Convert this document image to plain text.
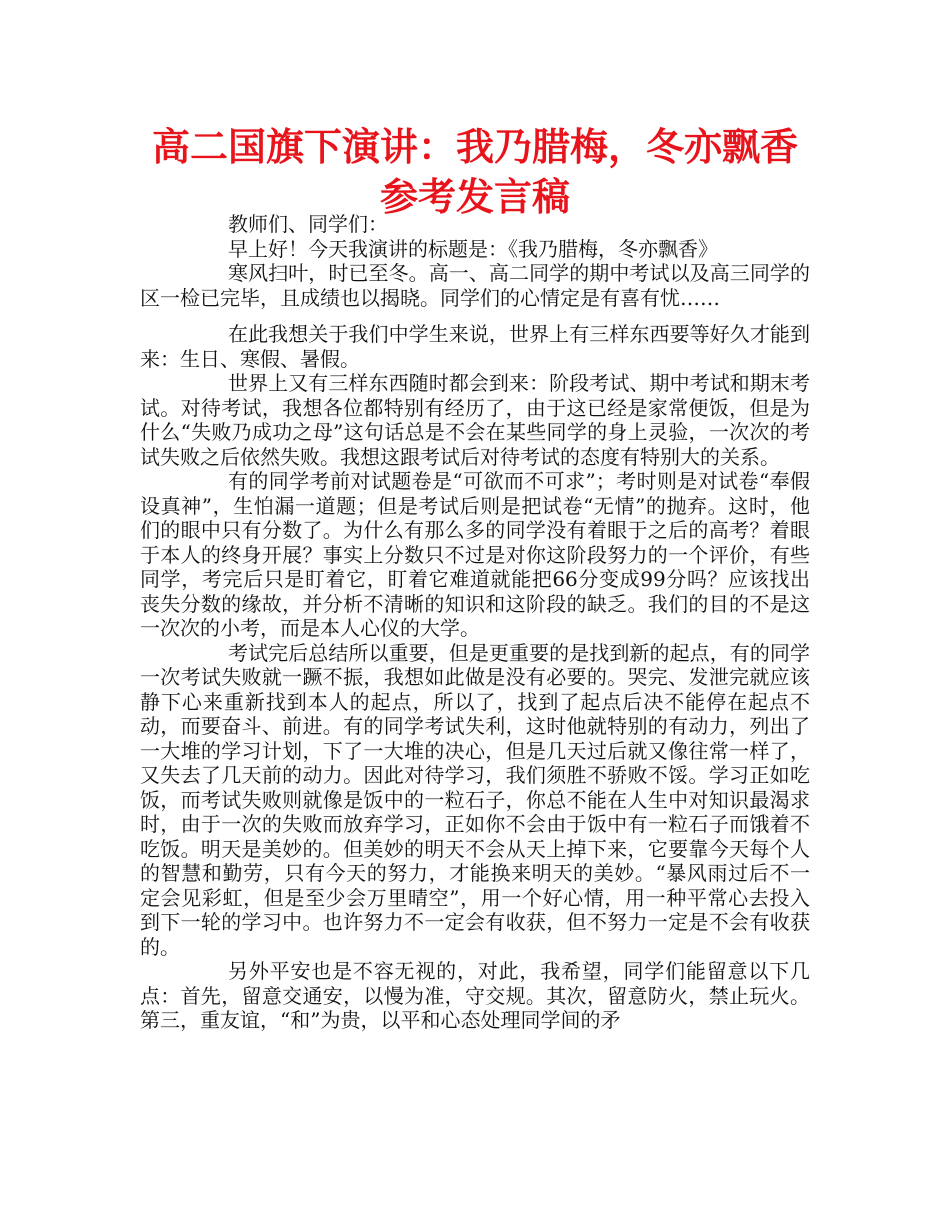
高二国旗下演讲：我乃腊梅，冬亦飘香参考发言稿

教师们、同学们：

早上好！今天我演讲的标题是：《我乃腊梅，冬亦飘香》

寒风扫叶，时已至冬。高一、高二同学的期中考试以及高三同学的区一检已完毕，且成绩也以揭晓。同学们的心情定是有喜有忧……

在此我想关于我们中学生来说，世界上有三样东西要等好久才能到来：生日、寒假、暑假。

世界上又有三样东西随时都会到来：阶段考试、期中考试和期末考试。对待考试，我想各位都特别有经历了，由于这已经是家常便饭，但是为什么“失败乃成功之母”这句话总是不会在某些同学的身上灵验，一次次的考试失败之后依然失败。我想这跟考试后对待考试的态度有特别大的关系。

有的同学考前对试题卷是“可欲而不可求”；考时则是对试卷“奉假设真神”，生怕漏一道题；但是考试后则是把试卷“无情”的抛弃。这时，他们的眼中只有分数了。为什么有那么多的同学没有着眼于之后的高考？着眼于本人的终身开展？事实上分数只不过是对你这阶段努力的一个评价，有些同学，考完后只是盯着它，盯着它难道就能把66分变成99分吗？应该找出丧失分数的缘故，并分析不清晰的知识和这阶段的缺乏。我们的目的不是这一次次的小考，而是本人心仪的大学。

考试完后总结所以重要，但是更重要的是找到新的起点，有的同学一次考试失败就一蹶不振，我想如此做是没有必要的。哭完、发泄完就应该静下心来重新找到本人的起点，所以了，找到了起点后决不能停在起点不动，而要奋斗、前进。有的同学考试失利，这时他就特别的有动力，列出了一大堆的学习计划，下了一大堆的决心，但是几天过后就又像往常一样了，又失去了几天前的动力。因此对待学习，我们须胜不骄败不馁。学习正如吃饭，而考试失败则就像是饭中的一粒石子，你总不能在人生中对知识最渴求时，由于一次的失败而放弃学习，正如你不会由于饭中有一粒石子而饿着不吃饭。明天是美妙的。但美妙的明天不会从天上掉下来，它要靠今天每个人的智慧和勤劳，只有今天的努力，才能换来明天的美妙。“暴风雨过后不一定会见彩虹，但是至少会万里晴空”，用一个好心情，用一种平常心去投入到下一轮的学习中。也许努力不一定会有收获，但不努力一定是不会有收获的。

另外平安也是不容无视的，对此，我希望，同学们能留意以下几点：首先，留意交通安，以慢为准，守交规。其次，留意防火，禁止玩火。第三，重友谊，“和”为贵，以平和心态处理同学间的矛
